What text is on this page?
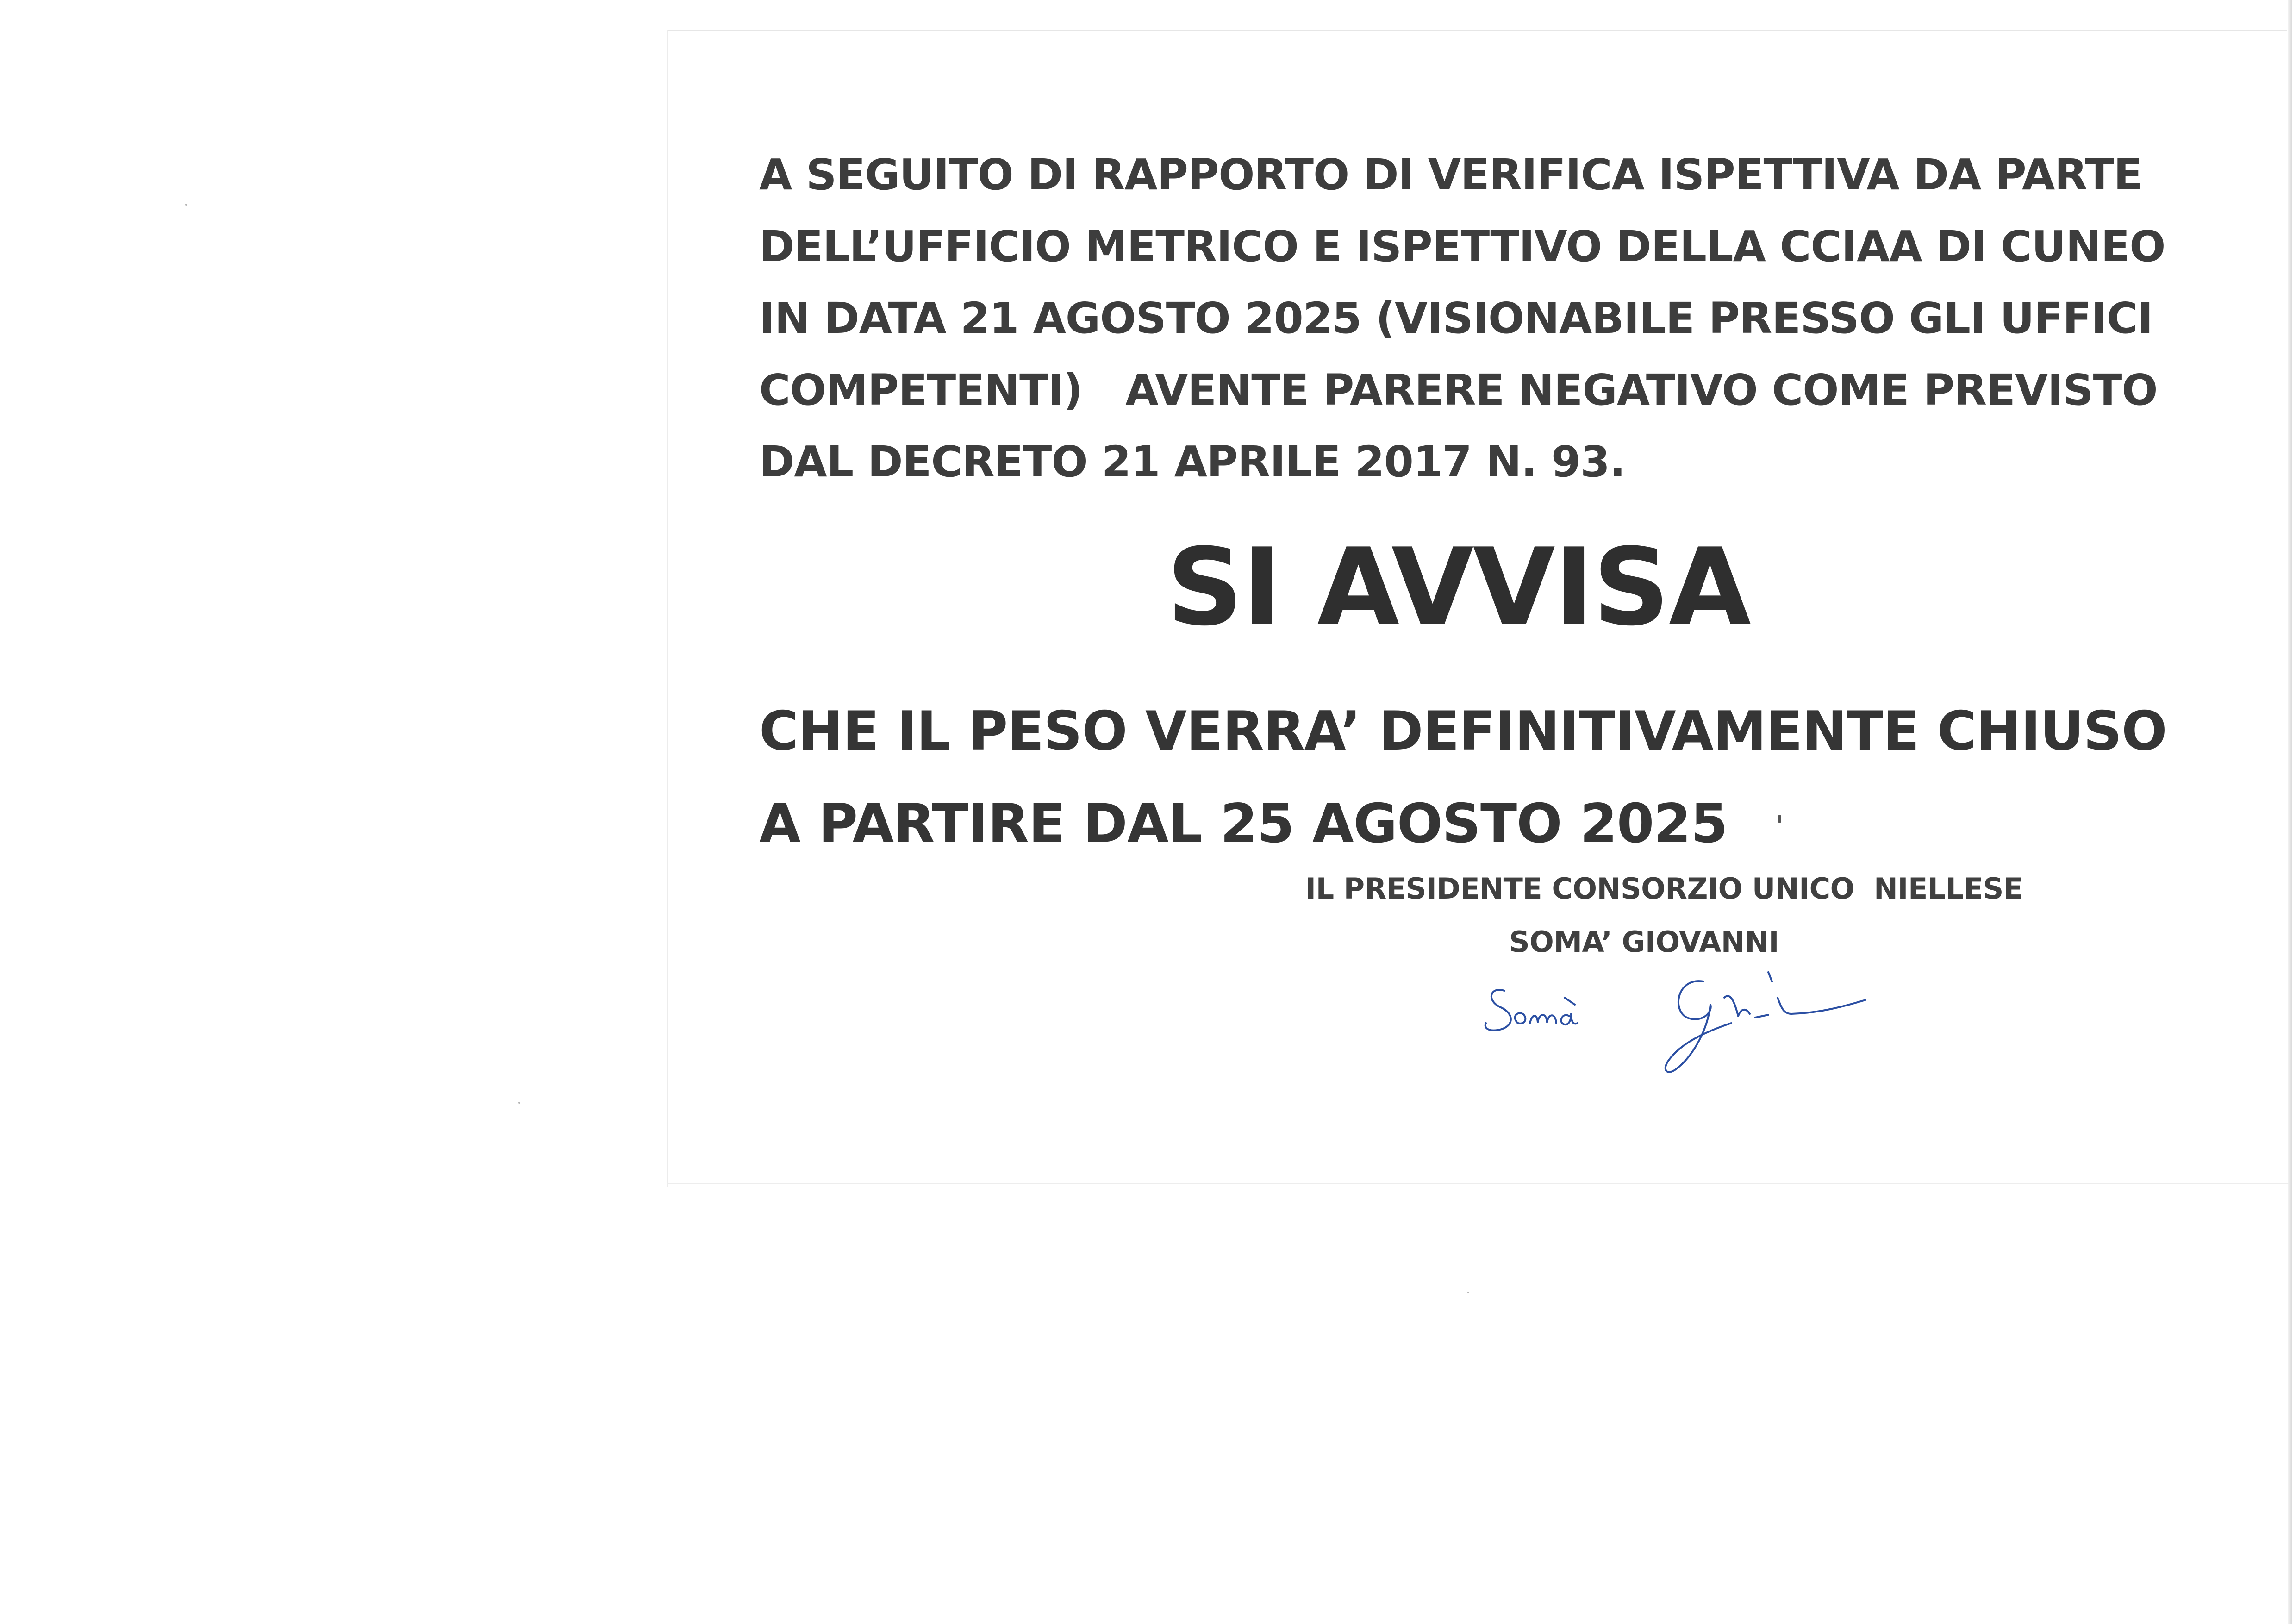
A SEGUITO DI RAPPORTO DI VERIFICA ISPETTIVA DA PARTE
DELL’UFFICIO METRICO E ISPETTIVO DELLA CCIAA DI CUNEO
IN DATA 21 AGOSTO 2025 (VISIONABILE PRESSO GLI UFFICI
COMPETENTI)   AVENTE PARERE NEGATIVO COME PREVISTO
DAL DECRETO 21 APRILE 2017 N. 93.
SI AVVISA
CHE IL PESO VERRA’ DEFINITIVAMENTE CHIUSO
A PARTIRE DAL 25 AGOSTO 2025
IL PRESIDENTE CONSORZIO UNICO  NIELLESE
SOMA’ GIOVANNI
